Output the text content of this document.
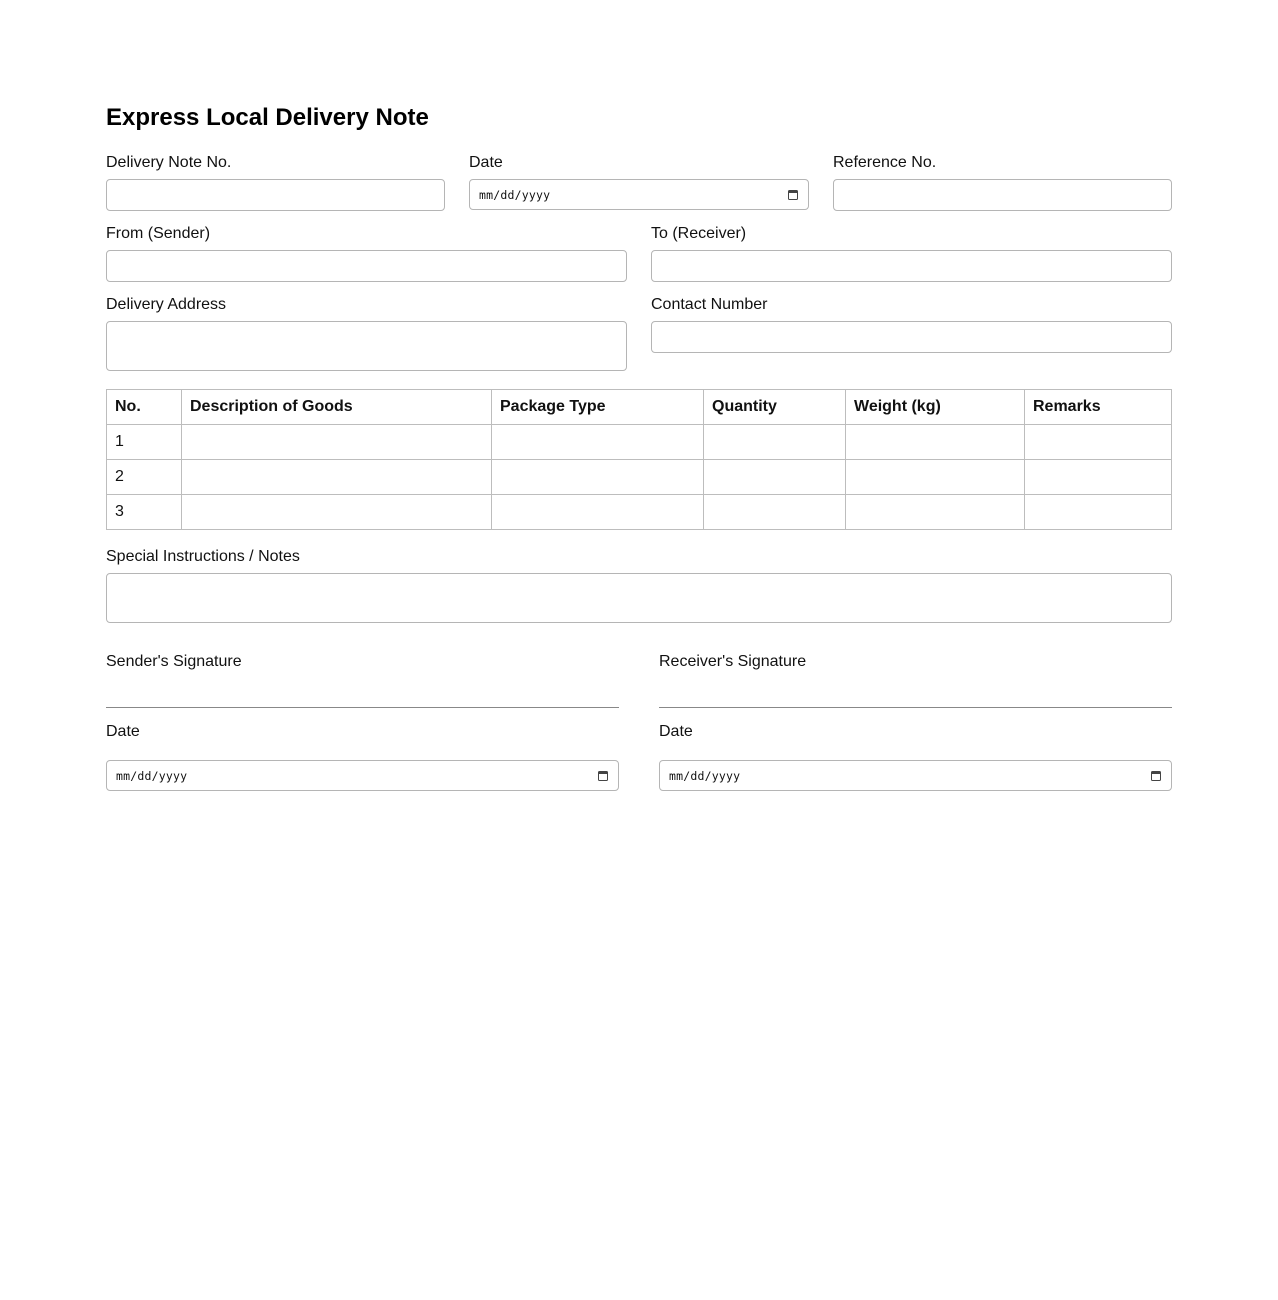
Express Local Delivery Note
Delivery Note No.	Date
mm/dd/yyyy
Reference No.
From (Sender)	To (Receiver)
Delivery Address	Contact Number
No.	Description of Goods	Package Type	Quantity	Weight (kg)	Remarks
1					
2					
3					
Special Instructions / Notes
Sender's Signature
Date
mm/dd/yyyy
Receiver's Signature
Date
mm/dd/yyyy
